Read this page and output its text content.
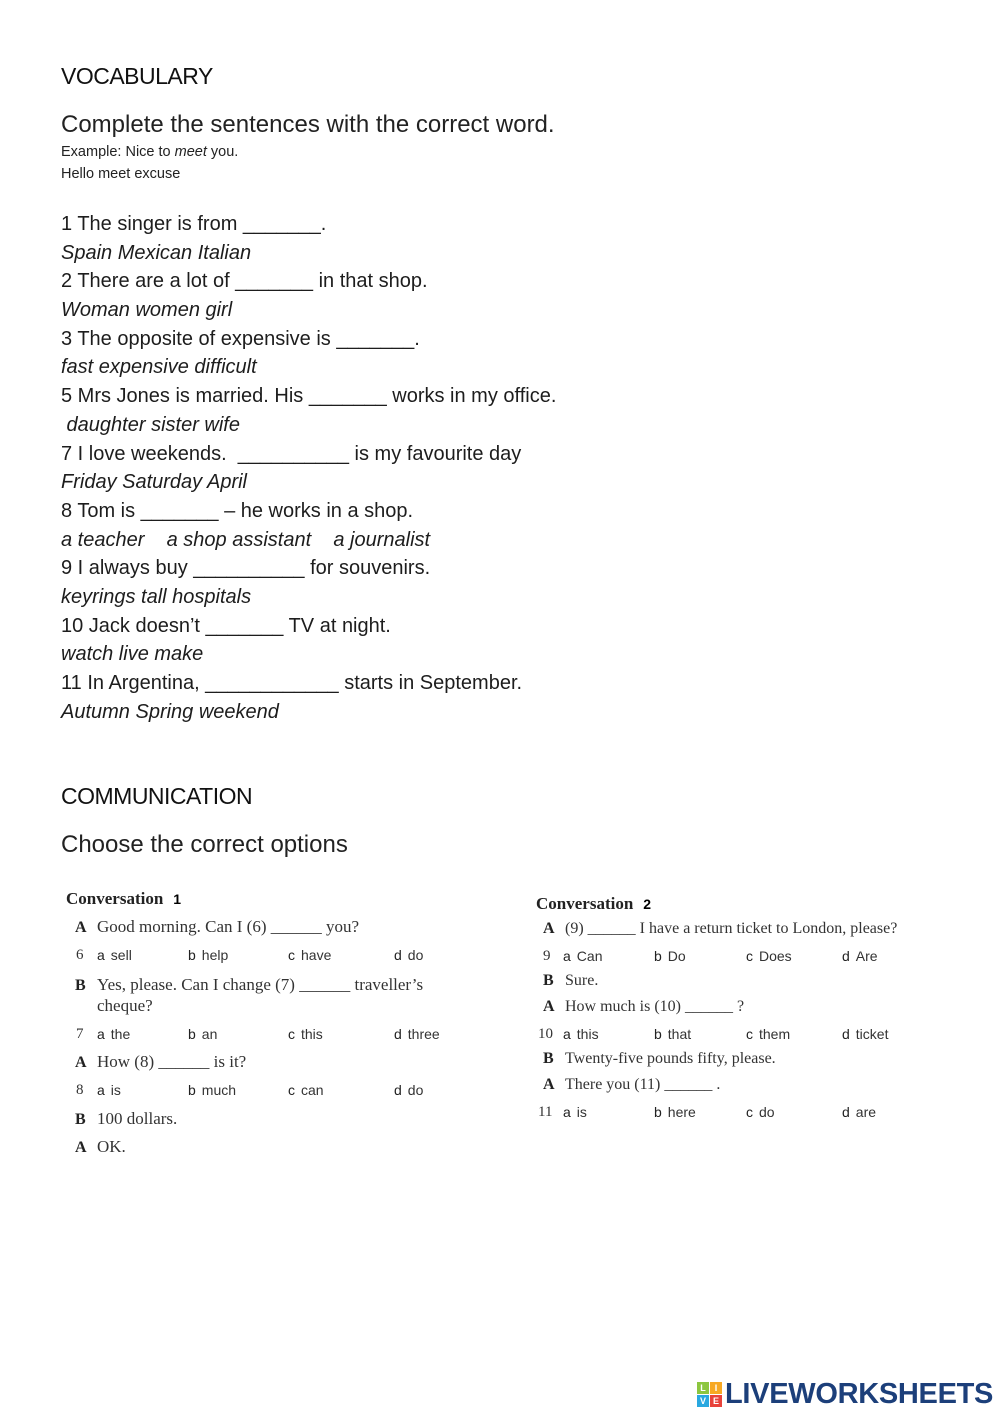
VOCABULARY
Complete the sentences with the correct word.
Example: Nice to meet you.
Hello meet excuse
1 The singer is from _______.
Spain Mexican Italian
2 There are a lot of _______ in that shop.
Woman women girl
3 The opposite of expensive is _______.
fast expensive difficult
5 Mrs Jones is married. His _______ works in my office.
daughter sister wife
7 I love weekends.  __________ is my favourite day
Friday Saturday April
8 Tom is _______ – he works in a shop.
a teacher    a shop assistant    a journalist
9 I always buy __________ for souvenirs.
keyrings tall hospitals
10 Jack doesn’t _______ TV at night.
watch live make
11 In Argentina, ____________ starts in September.
Autumn Spring weekend
COMMUNICATION
Choose the correct options
Conversation 1
A Good morning. Can I (6) ______ you?
6 a sell	b help	c have	d do
B Yes, please. Can I change (7) ______ traveller’s
cheque?
7 a the	b an	c this	d three
A How (8) ______ is it?
8 a is	b much	c can	d do
B 100 dollars.
A OK.
Conversation 2
A (9) ______ I have a return ticket to London, please?
9 a Can	b Do	c Does	d Are
B Sure.
A How much is (10) ______ ?
10 a this	b that	c them	d ticket
B Twenty-five pounds fifty, please.
A There you (11) ______ .
11 a is	b here	c do	d are
L I
V E LIVEWORKSHEETS
